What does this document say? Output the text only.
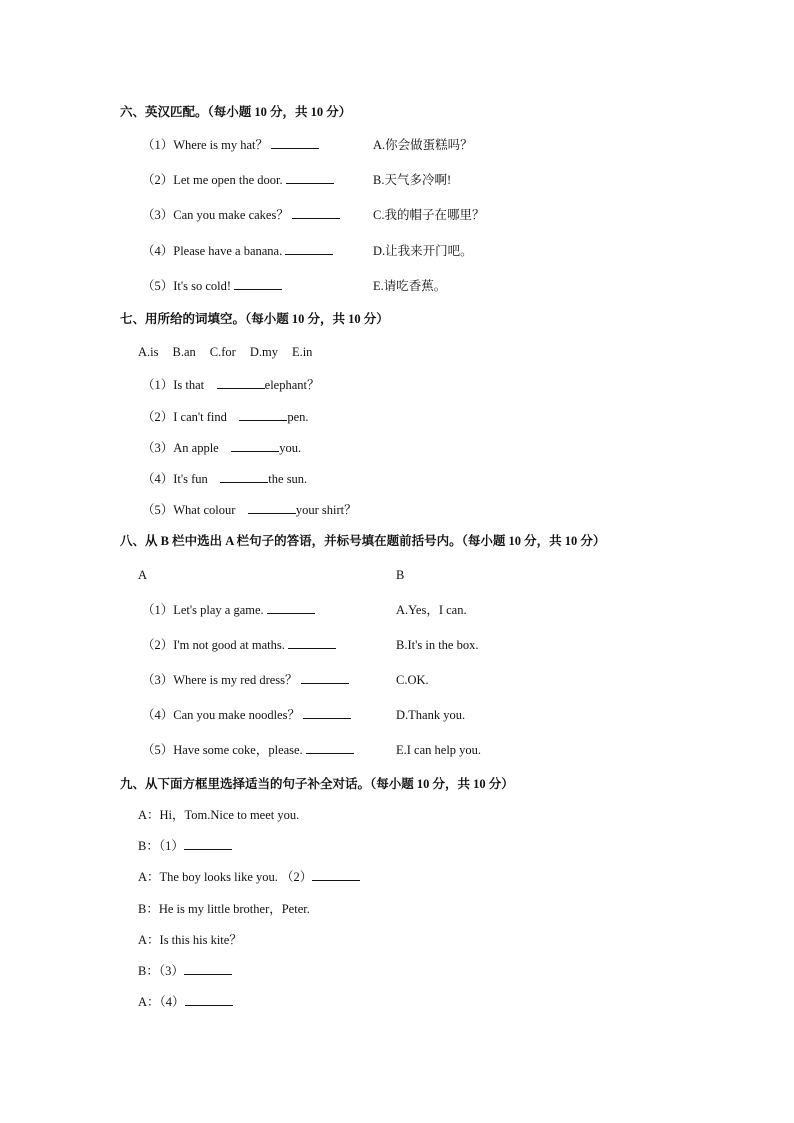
六、英汉匹配。（每小题 10 分，共 10 分）
（1）Where is my hat？	A.你会做蛋糕吗？
（2）Let me open the door.	B.天气多冷啊!
（3）Can you make cakes？	C.我的帽子在哪里？
（4）Please have a banana.	D.让我来开门吧。
（5）It's so cold!	E.请吃香蕉。
七、用所给的词填空。（每小题 10 分，共 10 分）
A.is B.an C.for D.my E.in
（1）Is that	elephant？
（2）I can't find	pen.
（3）An apple	you.
（4）It's fun	the sun.
（5）What colour	your shirt？
八、从 B 栏中选出 A 栏句子的答语，并标号填在题前括号内。（每小题 10 分，共 10 分）
A	B
（1）Let's play a game.	A.Yes，I can.
（2）I'm not good at maths.	B.It's in the box.
（3）Where is my red dress？	C.OK.
（4）Can you make noodles？	D.Thank you.
（5）Have some coke，please.	E.I can help you.
九、从下面方框里选择适当的句子补全对话。（每小题 10 分，共 10 分）
A：Hi，Tom.Nice to meet you.
B：（1）
A：The boy looks like you. （2）
B：He is my little brother，Peter.
A：Is this his kite？
B：（3）
A：（4）
